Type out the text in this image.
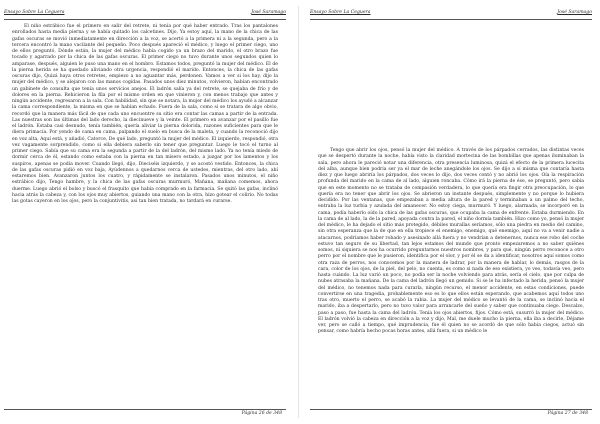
Ensayo Sobre La Ceguera	José Saramago

El niño estrábico fue el primero en salir del retrete, ni tenía por qué haber entrado. Tras los pantalones enrollados hasta media pierna y se había quitado los calcetines. Dijo, Ya estoy aquí, la mano de la chica de las gafas oscuras se movió inmediatamente en dirección a la voz, se acertó a la primera ni a la segunda, pero a la tercera encontró la mano vacilante del pequeño. Poco después apareció el médico, y luego el primer ciego, uno de ellos preguntó, Dónde están, la mujer del médico había cogido ya un brazo del marido, el otro brazo fue tocado y agarrado por la chica de las gafas oscuras. El primer ciego no tuvo durante unos segundos quien lo amparase, después, alguien le puso una mano en el hombro. Estamos todos, preguntó la mujer del médico. El de la pierna herida se ha quedado aliviando otra urgencia, respondió el marido. Entonces, la chica de las gafas oscuras dijo, Quizá haya otros retretes, empiezo a no aguantar más, perdonen. Vamos a ver si los hay, dijo la mujer del médico, y se alejaron con las manos cogidas. Pasados unos diez minutos, volvieron, habían encontrado un gabinete de consulta que tenía unos servicios anejos. El ladrón salía ya del retrete, se quejaba de frío y de dolores en la pierna. Rehicieron la fila por el mismo orden en que vinieron y, con menos trabajo que antes y ningún accidente, regresaron a la sala. Con habilidad, sin que se notara, la mujer del médico los ayudó a alcanzar la cama correspondiente, la misma en que se habían echado. Fuera de la sala, como si se tratara de algo obvio, recordó que la manera más fácil de que cada uno encuentre su sitio era contar las camas a partir de la entrada. Las nuestras son las últimas del lado derecho, la diecinueve y la veinte. El primero en avanzar por el pasillo fue el ladrón. Estaba casi desnudo, tenía también, quería aliviar la pierna dolorida, razones suficientes para que le diera primacía. Por yendo de cama en cama, palpando el suelo en busca de la maleta, y cuando la reconoció dijo en voz alta, Aquí está, y añadió, Catorce, De qué lado, preguntó la mujer del médico. El izquierdo, respondió, otra vez vagamente sorprendido, como si ella debiera saberlo sin tener que preguntar. Luego le tocó el turno al primer ciego. Sabía que su cama era la segunda a partir de la del ladrón, del mismo lado. Ya no tenía miedo de dormir cerca de él, estando como estaba con la pierna en tan mísero estado, a juzgar por los lamentos y los suspiros, apenas se podía mover. Cuando llegó, dijo, Dieciséis izquierdo, y se acostó vestido. Entonces, la chica de las gafas oscuras pidió en voz baja, Ayúdennos a quedarnos cerca de ustedes, mientras, del otro lado, ahí estaremos bien. Avanzaron juntos los cuatro, y rápidamente se instalaron. Pasados unos minutos, el niño estrábico dijo, Tengo hambre, y la chica de las gafas oscuras murmuró, Mañana, mañana comemos, ahora duerme. Luego abrió el bolso y buscó el frasquito que había comprado en la farmacia. Se quitó las gafas, inclinó hacia atrás la cabeza y, con los ojos muy abiertos, guiando una mano con la otra, hizo gotear el colirio. No todas las gotas cayeron en los ojos, pero la conjuntivitis, así tan bien tratada, no tardará en curarse.

Página 26 de 348
Ensayo Sobre La Ceguera	José Saramago

Tengo que abrir los ojos, pensó la mujer del médico. A través de los párpados cerrados, las distintas veces que se despertó durante la noche, había visto la claridad mortecina de las bombillas que apenas iluminaban la sala, pero ahora le pareció notar una diferencia, otra presencia luminosa, quizá el efecto de la primera lucecita del alba, aunque bien podría ser ya el mar de leche anegándole los ojos. Se dijo a sí misma que contaría hasta diez y que luego abriría los párpados, dos veces lo dijo, dos veces contó y no abrió los ojos. Oía la respiración profunda del marido en la cama de al lado, alguien roncaba. Cómo irá la pierna de ése, se preguntó, pero sabía que en este momento no se trataba de compasión verdadera, lo que quería era fingir otra preocupación, lo que quería era no tener que abrir los ojos. Se abrieron un instante después, simplemente y no porque lo hubiera decidido. Por las ventanas, que empezaban a media altura de la pared y terminaban a un palmo del techo, entraba la luz turbia y azulada del amanecer. No estoy ciega, murmuró. Y luego, alarmada, se incorporó en la cama, podía haberlo oído la chica de las gafas oscuras, que ocupaba la cama de enfrente. Estaba durmiendo. En la cama de al lado, la de la pared, apoyada contra la pared, el niño dormía también. Hizo como yo, pensó la mujer del médico, le ha dejado el sitio más protegido, débiles murallas seríamos, sólo una piedra en medio del camino, sin otra esperanza que la de que en ella tropiece el enemigo, enemigo, qué enemigo, aquí no va a venir nadie a atacarnos, podríamos haber robado y asesinado allá fuera y no vendrían a detenernos, nunca ese robo del coche estuvo tan seguro de su libertad, tan lejos estamos del mundo que pronto empezaremos a no saber quiénes somos, ni siquiera se nos ha ocurrido preguntarnos nuestros nombres, y para qué, ningún perro reconoce a otro perro por el nombre que le pusieron, identifica por el olor, y por él se da a identificar, nosotros aquí somos como otra raza de perros, nos conocemos por la manera de ladrar, por la manera de hablar, lo demás, rasgos de la cara, color de los ojos, de la piel, del pelo, no cuenta, es como si nada de eso existiera, yo veo, todavía veo, pero hasta cuándo. La luz varió un poco, no podía ser la noche volviendo para atrás, sería el cielo, que por culpa de nubes atrasaba la mañana. De la cama del ladrón llegó un gemido. Si se le ha infectado la herida, pensó la mujer del médico, no tenemos nada para curarla, ningún recurso, el menor accidente, en estas condiciones, puede convertirse en una tragedia, probablemente eso es lo que ellos están esperando, que acabemos aquí todos uno tras otro, muerto el perro, se acabó la rabia. La mujer del médico se levantó de la cama, se inclinó hacia el marido, iba a despertarlo, pero no tuvo valor para arrancarle del sueño y saber que continuaba ciego. Descalzo, paso a paso, fue hasta la cama del ladrón. Tenía los ojos abiertos, fijos. Cómo está, susurró la mujer del médico. El ladrón volvió la cabeza en dirección a la voz y dijo, Mal, me duele mucho la pierna, ella iba a decirle, Déjame ver, pero se calló a tiempo, qué imprudencia, fue él quien no se acordó de que sólo había ciegos, actuó sin pensar, como habría hecho pocas horas antes, allá fuera, si un médico le

Página 27 de 348
